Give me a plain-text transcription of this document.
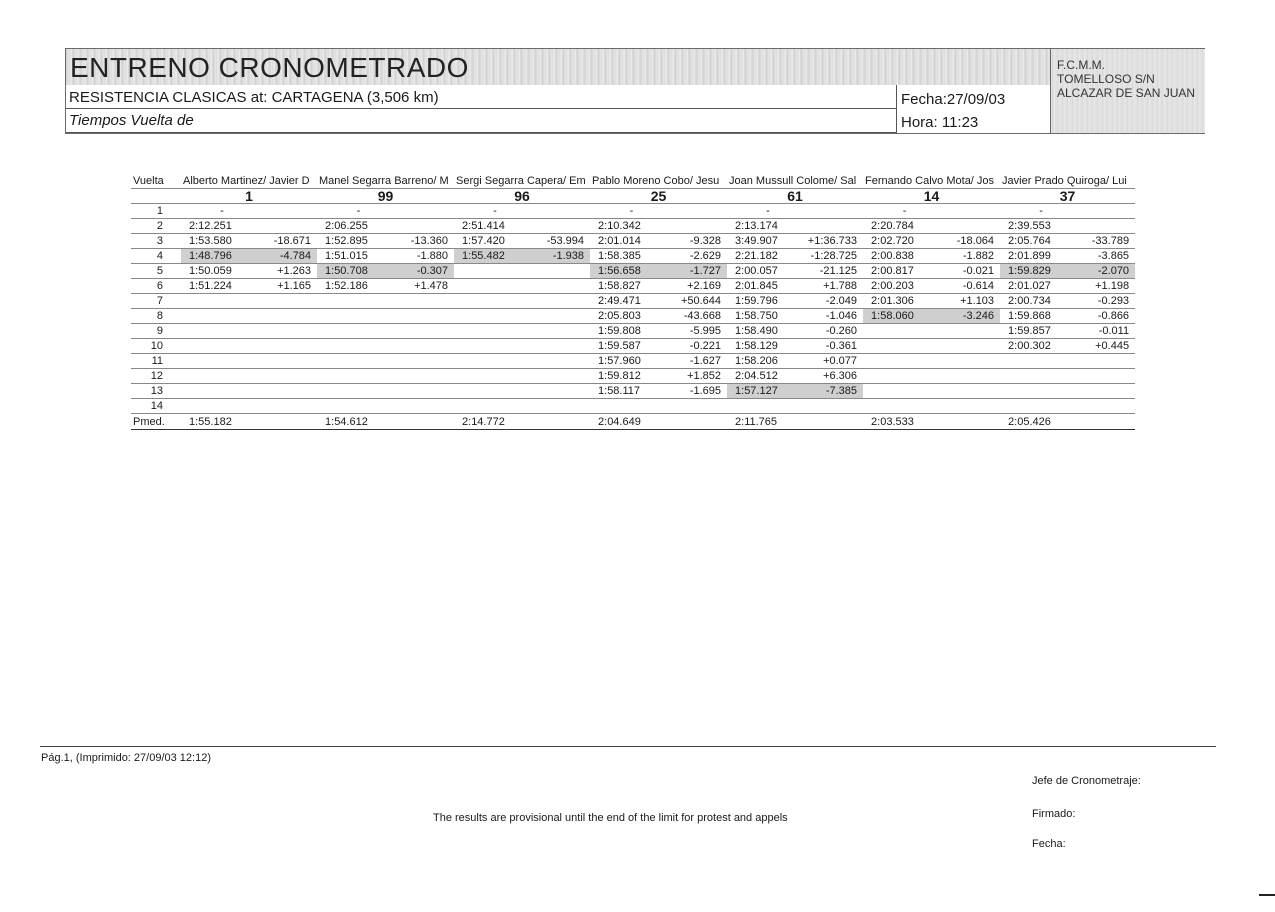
ENTRENO CRONOMETRADO
RESISTENCIA CLASICAS at: CARTAGENA (3,506 km)
Tiempos Vuelta de
Fecha:27/09/03
Hora: 11:23
F.C.M.M.
TOMELLOSO S/N
ALCAZAR DE SAN JUAN
Vuelta	Alberto Martinez/ Javier D		Manel Segarra Barreno/ M		Sergi Segarra Capera/ Em		Pablo Moreno Cobo/ Jesu		Joan Mussull Colome/ Sal		Fernando Calvo Mota/ Jos		Javier Prado Quiroga/ Lui	
	1		99		96		25		61		14		37	
1	-		-		-		-		-		-		-	
2	2:12.251		2:06.255		2:51.414		2:10.342		2:13.174		2:20.784		2:39.553	
3	1:53.580	-18.671	1:52.895	-13.360	1:57.420	-53.994	2:01.014	-9.328	3:49.907	+1:36.733	2:02.720	-18.064	2:05.764	-33.789
4	1:48.796	-4.784	1:51.015	-1.880	1:55.482	-1.938	1:58.385	-2.629	2:21.182	-1:28.725	2:00.838	-1.882	2:01.899	-3.865
5	1:50.059	+1.263	1:50.708	-0.307			1:56.658	-1.727	2:00.057	-21.125	2:00.817	-0.021	1:59.829	-2.070
6	1:51.224	+1.165	1:52.186	+1.478			1:58.827	+2.169	2:01.845	+1.788	2:00.203	-0.614	2:01.027	+1.198
7							2:49.471	+50.644	1:59.796	-2.049	2:01.306	+1.103	2:00.734	-0.293
8							2:05.803	-43.668	1:58.750	-1.046	1:58.060	-3.246	1:59.868	-0.866
9							1:59.808	-5.995	1:58.490	-0.260			1:59.857	-0.011
10							1:59.587	-0.221	1:58.129	-0.361			2:00.302	+0.445
11							1:57.960	-1.627	1:58.206	+0.077				
12							1:59.812	+1.852	2:04.512	+6.306				
13							1:58.117	-1.695	1:57.127	-7.385				
14														
Pmed.	1:55.182		1:54.612		2:14.772		2:04.649		2:11.765		2:03.533		2:05.426	
Pág.1, (Imprimido: 27/09/03 12:12)
The results are provisional until the end of the limit for protest and appels
Jefe de Cronometraje:
Firmado:
Fecha:
